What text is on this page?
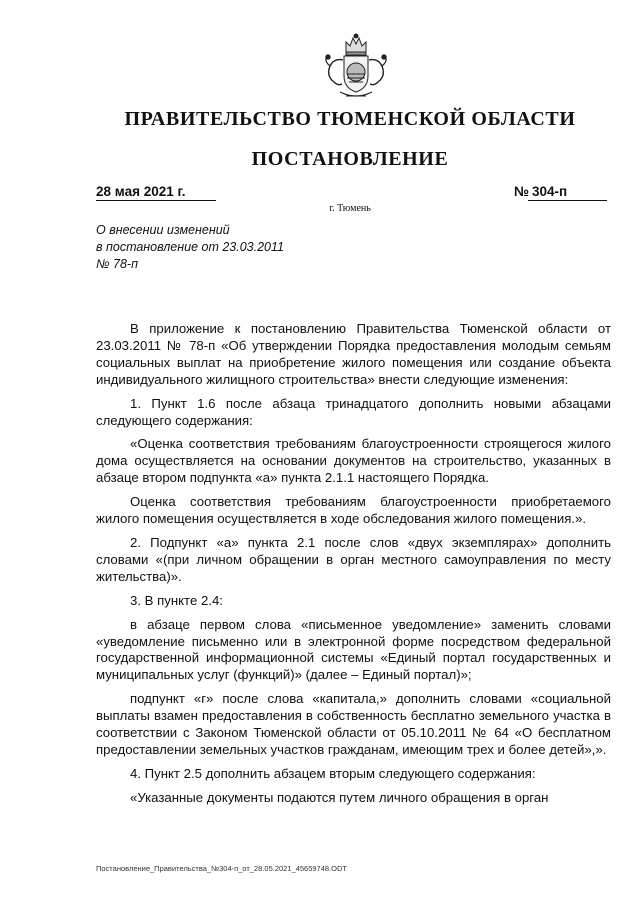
ПРАВИТЕЛЬСТВО ТЮМЕНСКОЙ ОБЛАСТИ
ПОСТАНОВЛЕНИЕ
28 мая 2021 г.	№ 304-п
г. Тюмень
О внесении изменений
в постановление от 23.03.2011
№ 78-п

В приложение к постановлению Правительства Тюменской области от 23.03.2011 № 78-п «Об утверждении Порядка предоставления молодым семьям социальных выплат на приобретение жилого помещения или создание объекта индивидуального жилищного строительства» внести следующие изменения:

1. Пункт 1.6 после абзаца тринадцатого дополнить новыми абзацами следующего содержания:

«Оценка соответствия требованиям благоустроенности строящегося жилого дома осуществляется на основании документов на строительство, указанных в абзаце втором подпункта «а» пункта 2.1.1 настоящего Порядка.

Оценка соответствия требованиям благоустроенности приобретаемого жилого помещения осуществляется в ходе обследования жилого помещения.».

2. Подпункт «а» пункта 2.1 после слов «двух экземплярах» дополнить словами «(при личном обращении в орган местного самоуправления по месту жительства)».

3. В пункте 2.4:

в абзаце первом слова «письменное уведомление» заменить словами «уведомление письменно или в электронной форме посредством федеральной государственной информационной системы «Единый портал государственных и муниципальных услуг (функций)» (далее – Единый портал)»;

подпункт «г» после слова «капитала,» дополнить словами «социальной выплаты взамен предоставления в собственность бесплатно земельного участка в соответствии с Законом Тюменской области от 05.10.2011 № 64 «О бесплатном предоставлении земельных участков гражданам, имеющим трех и более детей»,».

4. Пункт 2.5 дополнить абзацем вторым следующего содержания:

«Указанные документы подаются путем личного обращения в орган

Постановление_Правительства_№304-п_от_28.05.2021_45659748.ODT
